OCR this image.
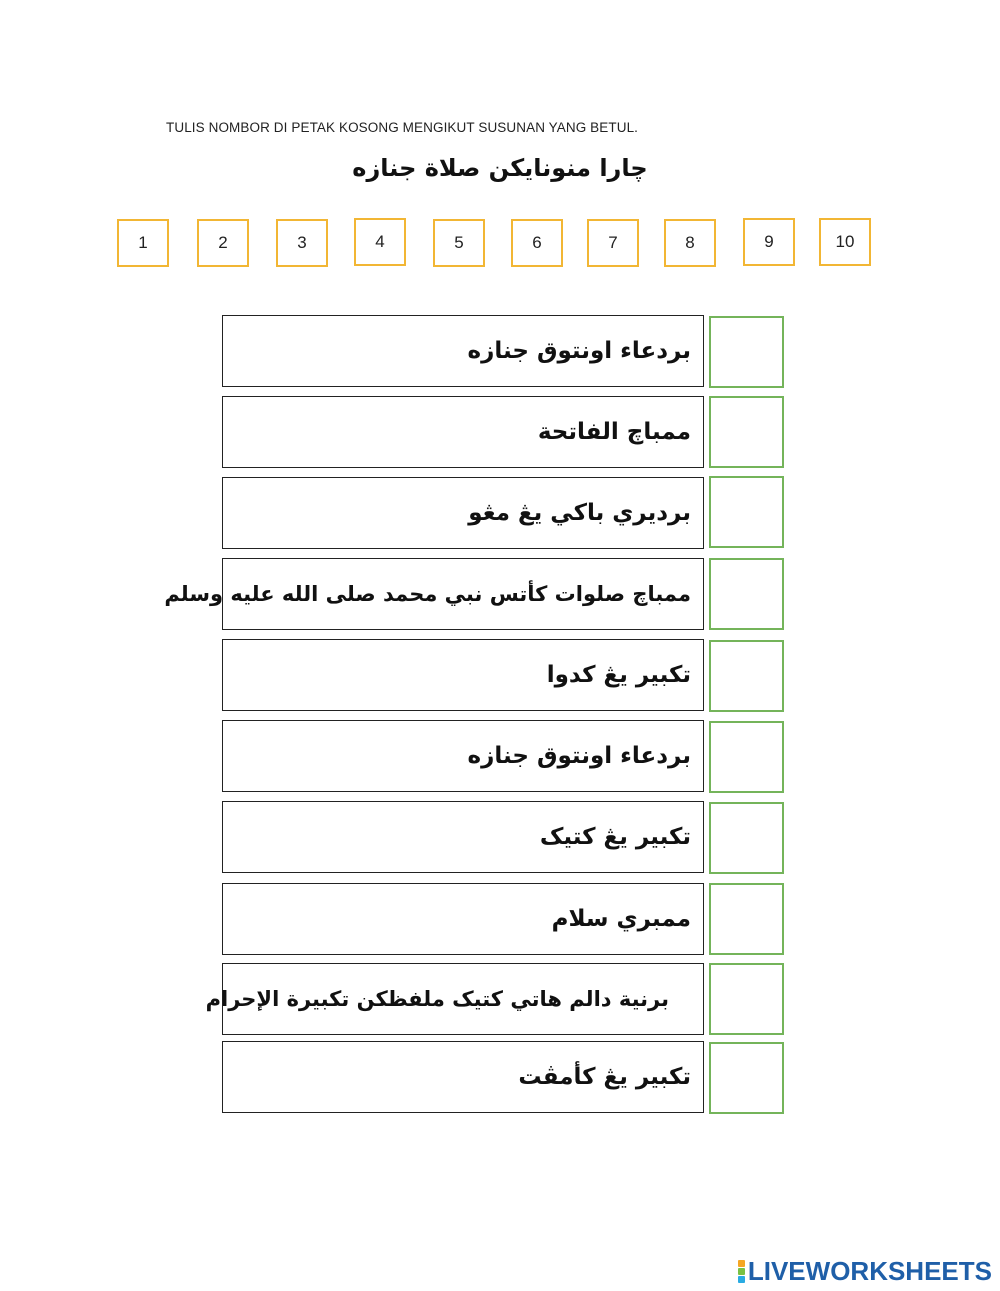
TULIS NOMBOR DI PETAK KOSONG MENGIKUT SUSUNAN YANG BETUL.
چارا منونايكن صلاة جنازه
1	2	3	4	5	6	7	8	9	10
بردعاء اونتوق جنازه
ممباچ الفاتحة
برديري باکي يڠ مڠو
ممباچ صلوات كأتس نبي محمد صلى الله عليه وسلم
تكبير يڠ كدوا
بردعاء اونتوق جنازه
تكبير يڠ كتيک
ممبري سلام
برنية دالم هاتي كتيک ملفظكن تكبيرة الإحرام
تكبير يڠ كأمڤت
LIVEWORKSHEETS
